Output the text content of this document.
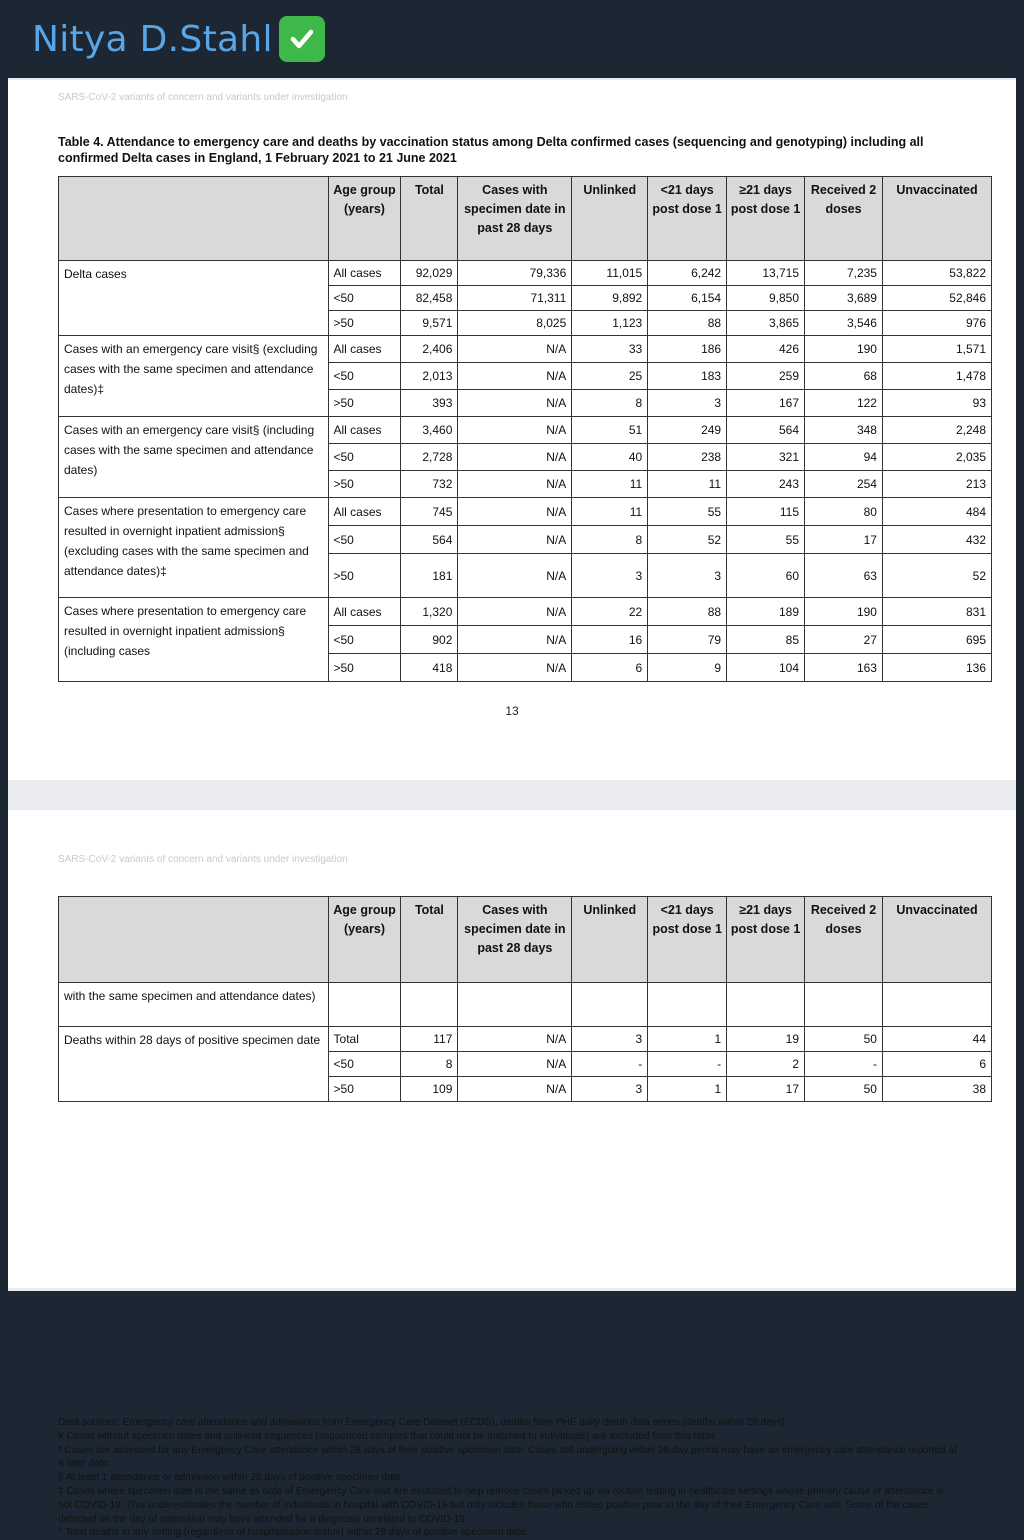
Nitya D.Stahl
SARS-CoV-2 variants of concern and variants under investigation
Table 4. Attendance to emergency care and deaths by vaccination status among Delta confirmed cases (sequencing and genotyping) including all confirmed Delta cases in England, 1 February 2021 to 21 June 2021
	Age group (years)	Total	Cases with specimen date in past 28 days	Unlinked	<21 days post dose 1	≥21 days post dose 1	Received 2 doses	Unvaccinated
Delta cases	All cases	92,029	79,336	11,015	6,242	13,715	7,235	53,822
	<50	82,458	71,311	9,892	6,154	9,850	3,689	52,846
	>50	9,571	8,025	1,123	88	3,865	3,546	976
Cases with an emergency care visit§ (excluding cases with the same specimen and attendance dates)‡	All cases	2,406	N/A	33	186	426	190	1,571
	<50	2,013	N/A	25	183	259	68	1,478
	>50	393	N/A	8	3	167	122	93
Cases with an emergency care visit§ (including cases with the same specimen and attendance dates)	All cases	3,460	N/A	51	249	564	348	2,248
	<50	2,728	N/A	40	238	321	94	2,035
	>50	732	N/A	11	11	243	254	213
Cases where presentation to emergency care resulted in overnight inpatient admission§ (excluding cases with the same specimen and attendance dates)‡	All cases	745	N/A	11	55	115	80	484
	<50	564	N/A	8	52	55	17	432
	>50	181	N/A	3	3	60	63	52
Cases where presentation to emergency care resulted in overnight inpatient admission§ (including cases	All cases	1,320	N/A	22	88	189	190	831
	<50	902	N/A	16	79	85	27	695
	>50	418	N/A	6	9	104	163	136
13
SARS-CoV-2 variants of concern and variants under investigation
	Age group (years)	Total	Cases with specimen date in past 28 days	Unlinked	<21 days post dose 1	≥21 days post dose 1	Received 2 doses	Unvaccinated
with the same specimen and attendance dates)								
Deaths within 28 days of positive specimen date	Total	117	N/A	3	1	19	50	44
	<50	8	N/A	-	-	2	-	6
	>50	109	N/A	3	1	17	50	38
Data sources: Emergency care attendance and admissions from Emergency Care Dataset (ECDS), deaths from PHE daily death data series (deaths within 28 days)
¥ Cases without specimen dates and unlinked sequences (sequenced samples that could not be matched to individuals) are excluded from this table.
* Cases are assessed for any Emergency Care attendance within 28 days of their positive specimen date. Cases still undergoing within 28-day period may have an emergency care attendance reported at a later date.
§ At least 1 attendance or admission within 28 days of positive specimen date
‡ Cases where specimen date is the same as date of Emergency Care visit are excluded to help remove cases picked up via routine testing in healthcare settings whose primary cause of attendance is not COVID-19. This underestimates the number of individuals in hospital with COVID-19 but only includes those who tested positive prior to the day of their Emergency Care visit. Some of the cases detected on the day of admission may have attended for a diagnosis unrelated to COVID-19.
^ Total deaths in any setting (regardless of hospitalisation status) within 28 days of positive specimen date.
